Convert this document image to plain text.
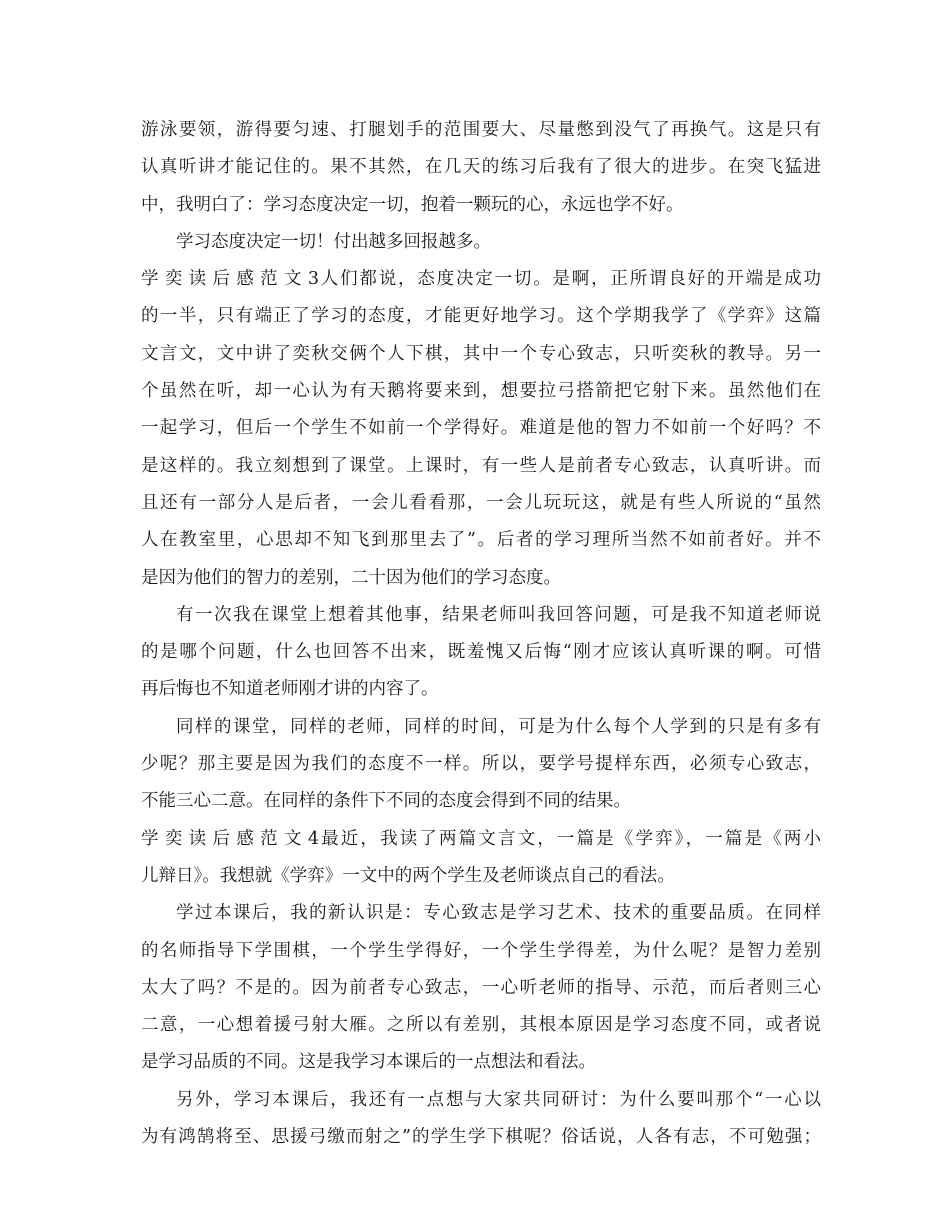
游泳要领，游得要匀速、打腿划手的范围要大、尽量憋到没气了再换气。这是只有
认真听讲才能记住的。果不其然，在几天的练习后我有了很大的进步。在突飞猛进
中，我明白了：学习态度决定一切，抱着一颗玩的心，永远也学不好。
学习态度决定一切！付出越多回报越多。
学奕读后感范文3人们都说，态度决定一切。是啊，正所谓良好的开端是成功
的一半，只有端正了学习的态度，才能更好地学习。这个学期我学了《学弈》这篇
文言文，文中讲了奕秋交俩个人下棋，其中一个专心致志，只听奕秋的教导。另一
个虽然在听，却一心认为有天鹅将要来到，想要拉弓搭箭把它射下来。虽然他们在
一起学习，但后一个学生不如前一个学得好。难道是他的智力不如前一个好吗？不
是这样的。我立刻想到了课堂。上课时，有一些人是前者专心致志，认真听讲。而
且还有一部分人是后者，一会儿看看那，一会儿玩玩这，就是有些人所说的“虽然
人在教室里，心思却不知飞到那里去了”。后者的学习理所当然不如前者好。并不
是因为他们的智力的差别，二十因为他们的学习态度。
有一次我在课堂上想着其他事，结果老师叫我回答问题，可是我不知道老师说
的是哪个问题，什么也回答不出来，既羞愧又后悔“刚才应该认真听课的啊。可惜
再后悔也不知道老师刚才讲的内容了。
同样的课堂，同样的老师，同样的时间，可是为什么每个人学到的只是有多有
少呢？那主要是因为我们的态度不一样。所以，要学号提样东西，必须专心致志，
不能三心二意。在同样的条件下不同的态度会得到不同的结果。
学奕读后感范文4最近，我读了两篇文言文，一篇是《学弈》，一篇是《两小
儿辩日》。我想就《学弈》一文中的两个学生及老师谈点自己的看法。
学过本课后，我的新认识是：专心致志是学习艺术、技术的重要品质。在同样
的名师指导下学围棋，一个学生学得好，一个学生学得差，为什么呢？是智力差别
太大了吗？不是的。因为前者专心致志，一心听老师的指导、示范，而后者则三心
二意，一心想着援弓射大雁。之所以有差别，其根本原因是学习态度不同，或者说
是学习品质的不同。这是我学习本课后的一点想法和看法。
另外，学习本课后，我还有一点想与大家共同研讨：为什么要叫那个“一心以
为有鸿鹄将至、思援弓缴而射之”的学生学下棋呢？俗话说，人各有志，不可勉强；
